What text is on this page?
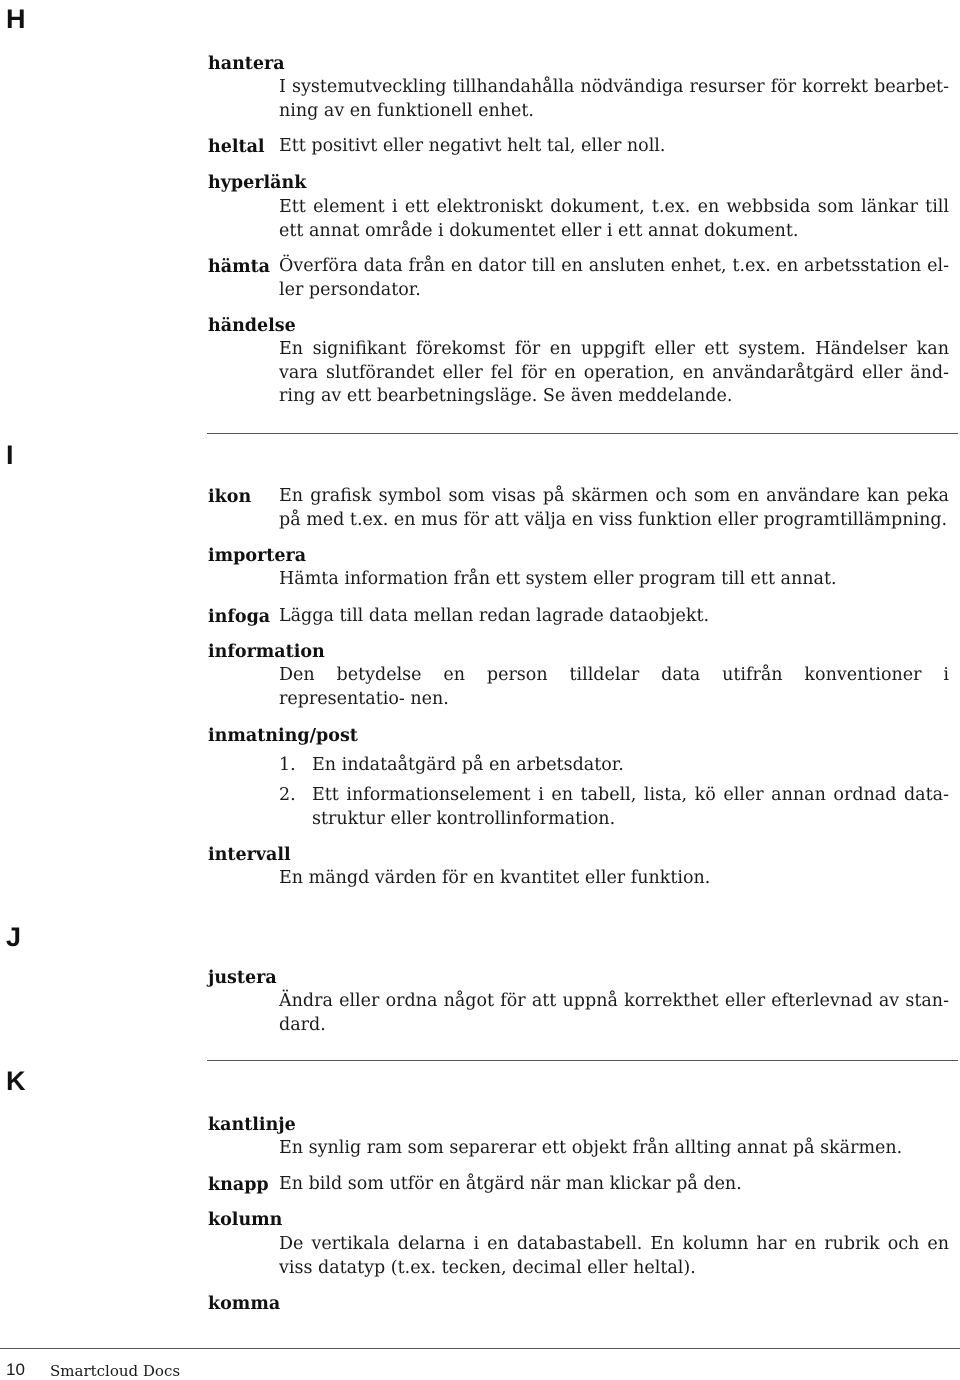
H
hantera
I systemutveckling tillhandahålla nödvändiga resurser för korrekt bearbet- ning av en funktionell enhet.
heltal Ett positivt eller negativt helt tal, eller noll.
hyperlänk
Ett element i ett elektroniskt dokument, t.ex. en webbsida som länkar till ett annat område i dokumentet eller i ett annat dokument.
hämta Överföra data från en dator till en ansluten enhet, t.ex. en arbetsstation el- ler persondator.
händelse
En signifikant förekomst för en uppgift eller ett system. Händelser kan vara slutförandet eller fel för en operation, en användaråtgärd eller änd- ring av ett bearbetningsläge. Se även meddelande.
I
ikon En grafisk symbol som visas på skärmen och som en användare kan peka på med t.ex. en mus för att välja en viss funktion eller programtillämpning.
importera
Hämta information från ett system eller program till ett annat.
infoga Lägga till data mellan redan lagrade dataobjekt.
information
Den betydelse en person tilldelar data utifrån konventioner i representatio- nen.
inmatning/post
1. En indataåtgärd på en arbetsdator.
2. Ett informationselement i en tabell, lista, kö eller annan ordnad data- struktur eller kontrollinformation.
intervall
En mängd värden för en kvantitet eller funktion.
J
justera
Ändra eller ordna något för att uppnå korrekthet eller efterlevnad av stan- dard.
K
kantlinje
En synlig ram som separerar ett objekt från allting annat på skärmen.
knapp En bild som utför en åtgärd när man klickar på den.
kolumn
De vertikala delarna i en databastabell. En kolumn har en rubrik och en viss datatyp (t.ex. tecken, decimal eller heltal).
komma
10 Smartcloud Docs
